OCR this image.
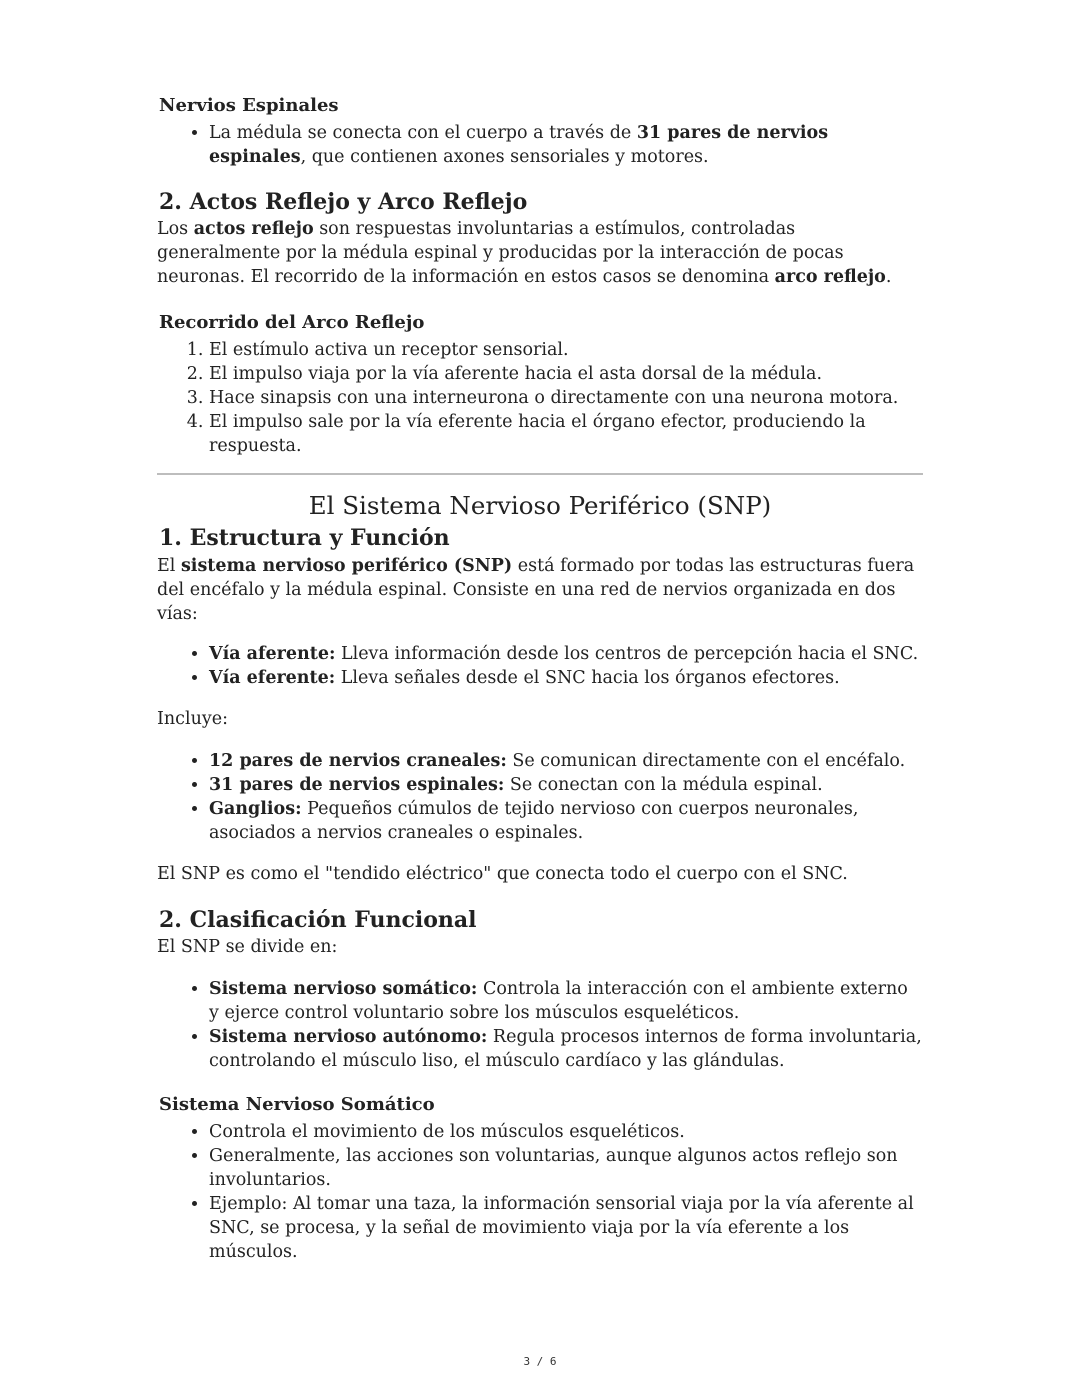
Nervios Espinales
• La médula se conecta con el cuerpo a través de 31 pares de nervios espinales, que contienen axones sensoriales y motores.
2. Actos Reflejo y Arco Reflejo

Los actos reflejo son respuestas involuntarias a estímulos, controladas generalmente por la médula espinal y producidas por la interacción de pocas neuronas. El recorrido de la información en estos casos se denomina arco reflejo.

Recorrido del Arco Reflejo
1. El estímulo activa un receptor sensorial.
2. El impulso viaja por la vía aferente hacia el asta dorsal de la médula.
3. Hace sinapsis con una interneurona o directamente con una neurona motora.
4. El impulso sale por la vía eferente hacia el órgano efector, produciendo la respuesta.
El Sistema Nervioso Periférico (SNP)
1. Estructura y Función

El sistema nervioso periférico (SNP) está formado por todas las estructuras fuera del encéfalo y la médula espinal. Consiste en una red de nervios organizada en dos vías:

• Vía aferente: Lleva información desde los centros de percepción hacia el SNC.
• Vía eferente: Lleva señales desde el SNC hacia los órganos efectores.

Incluye:

• 12 pares de nervios craneales: Se comunican directamente con el encéfalo.
• 31 pares de nervios espinales: Se conectan con la médula espinal.
• Ganglios: Pequeños cúmulos de tejido nervioso con cuerpos neuronales, asociados a nervios craneales o espinales.

El SNP es como el "tendido eléctrico" que conecta todo el cuerpo con el SNC.

2. Clasificación Funcional

El SNP se divide en:

• Sistema nervioso somático: Controla la interacción con el ambiente externo y ejerce control voluntario sobre los músculos esqueléticos.
• Sistema nervioso autónomo: Regula procesos internos de forma involuntaria, controlando el músculo liso, el músculo cardíaco y las glándulas.
Sistema Nervioso Somático
• Controla el movimiento de los músculos esqueléticos.
• Generalmente, las acciones son voluntarias, aunque algunos actos reflejo son involuntarios.
• Ejemplo: Al tomar una taza, la información sensorial viaja por la vía aferente al SNC, se procesa, y la señal de movimiento viaja por la vía eferente a los músculos.
3 / 6
